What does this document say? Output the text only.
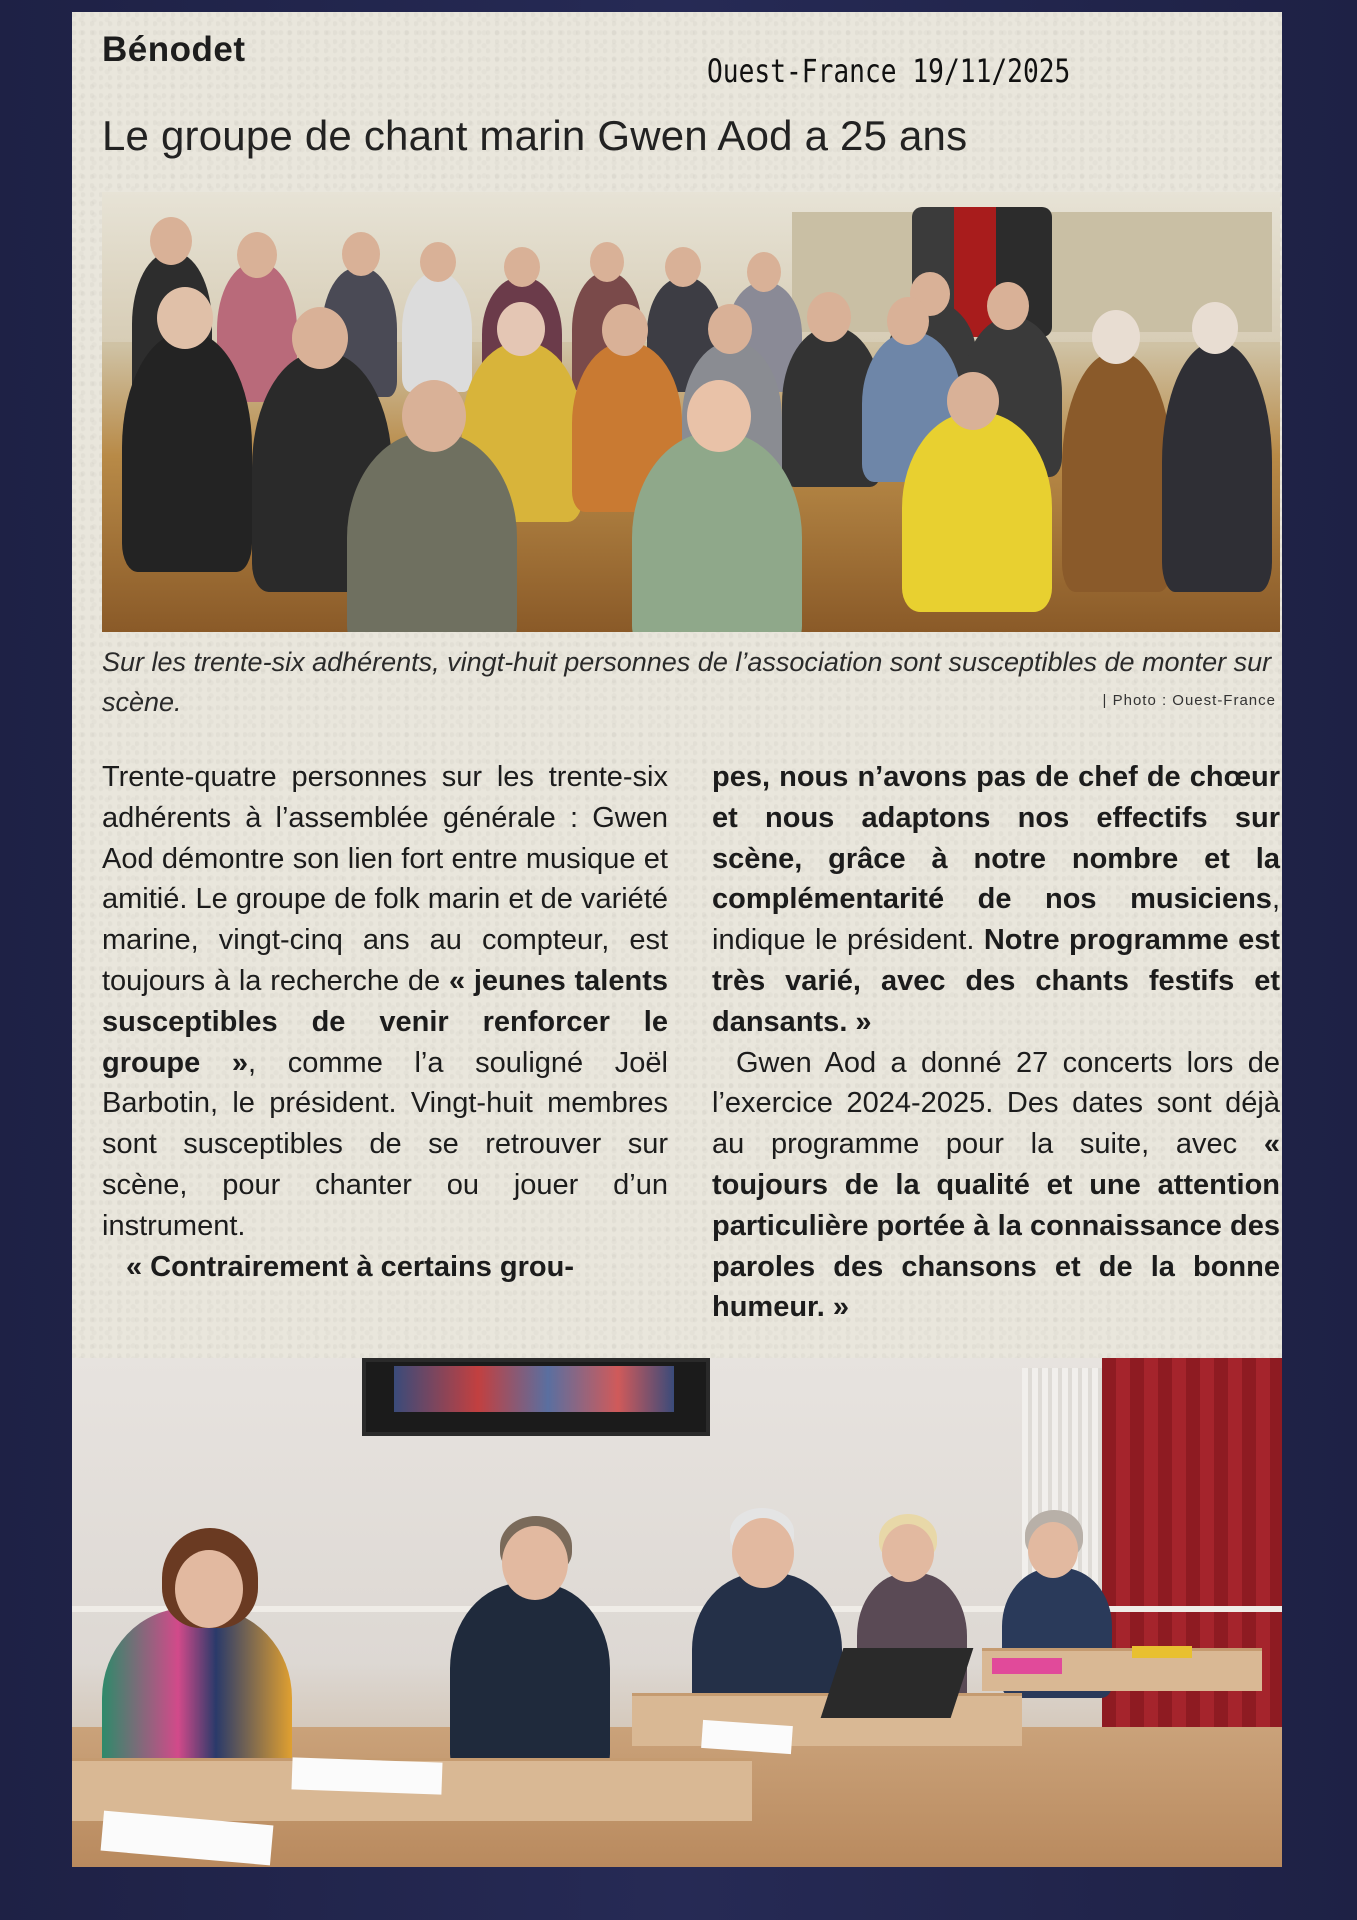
Bénodet
Ouest-France 19/11/2025
Le groupe de chant marin Gwen Aod a 25 ans
Sur les trente-six adhérents, vingt-huit personnes de l’association sont susceptibles de monter sur scène.	| Photo : Ouest-France

Trente-quatre personnes sur les trente-six adhérents à l’assemblée générale : Gwen Aod démontre son lien fort entre musique et amitié. Le groupe de folk marin et de variété marine, vingt-cinq ans au compteur, est toujours à la recherche de « jeunes talents susceptibles de venir renforcer le groupe », comme l’a souligné Joël Barbotin, le président. Vingt-huit membres sont susceptibles de se retrouver sur scène, pour chanter ou jouer d’un instrument.

« Contrairement à certains grou-

pes, nous n’avons pas de chef de chœur et nous adaptons nos effectifs sur scène, grâce à notre nombre et la complémentarité de nos musiciens, indique le président. Notre programme est très varié, avec des chants festifs et dansants. »

Gwen Aod a donné 27 concerts lors de l’exercice 2024-2025. Des dates sont déjà au programme pour la suite, avec « toujours de la qualité et une attention particulière portée à la connaissance des paroles des chansons et de la bonne humeur. »
